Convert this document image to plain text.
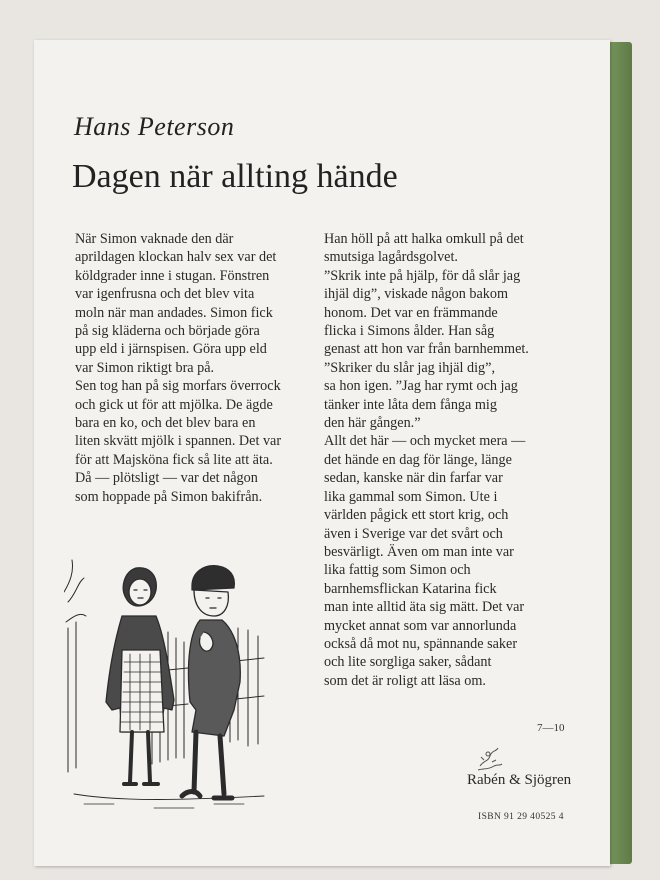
Hans Peterson
Dagen när allting hände
När Simon vaknade den där
aprildagen klockan halv sex var det
köldgrader inne i stugan. Fönstren
var igenfrusna och det blev vita
moln när man andades. Simon fick
på sig kläderna och började göra
upp eld i järnspisen. Göra upp eld
var Simon riktigt bra på.
Sen tog han på sig morfars överrock
och gick ut för att mjölka. De ägde
bara en ko, och det blev bara en
liten skvätt mjölk i spannen. Det var
för att Majsköna fick så lite att äta.
Då — plötsligt — var det någon
som hoppade på Simon bakifrån.
Han höll på att halka omkull på det
smutsiga lagårdsgolvet.
”Skrik inte på hjälp, för då slår jag
ihjäl dig”, viskade någon bakom
honom. Det var en främmande
flicka i Simons ålder. Han såg
genast att hon var från barnhemmet.
”Skriker du slår jag ihjäl dig”,
sa hon igen. ”Jag har rymt och jag
tänker inte låta dem fånga mig
den här gången.”
Allt det här — och mycket mera —
det hände en dag för länge, länge
sedan, kanske när din farfar var
lika gammal som Simon. Ute i
världen pågick ett stort krig, och
även i Sverige var det svårt och
besvärligt. Även om man inte var
lika fattig som Simon och
barnhemsflickan Katarina fick
man inte alltid äta sig mätt. Det var
mycket annat som var annorlunda
också då mot nu, spännande saker
och lite sorgliga saker, sådant
som det är roligt att läsa om.
7—10
Rabén & Sjögren
ISBN 91 29 40525 4
